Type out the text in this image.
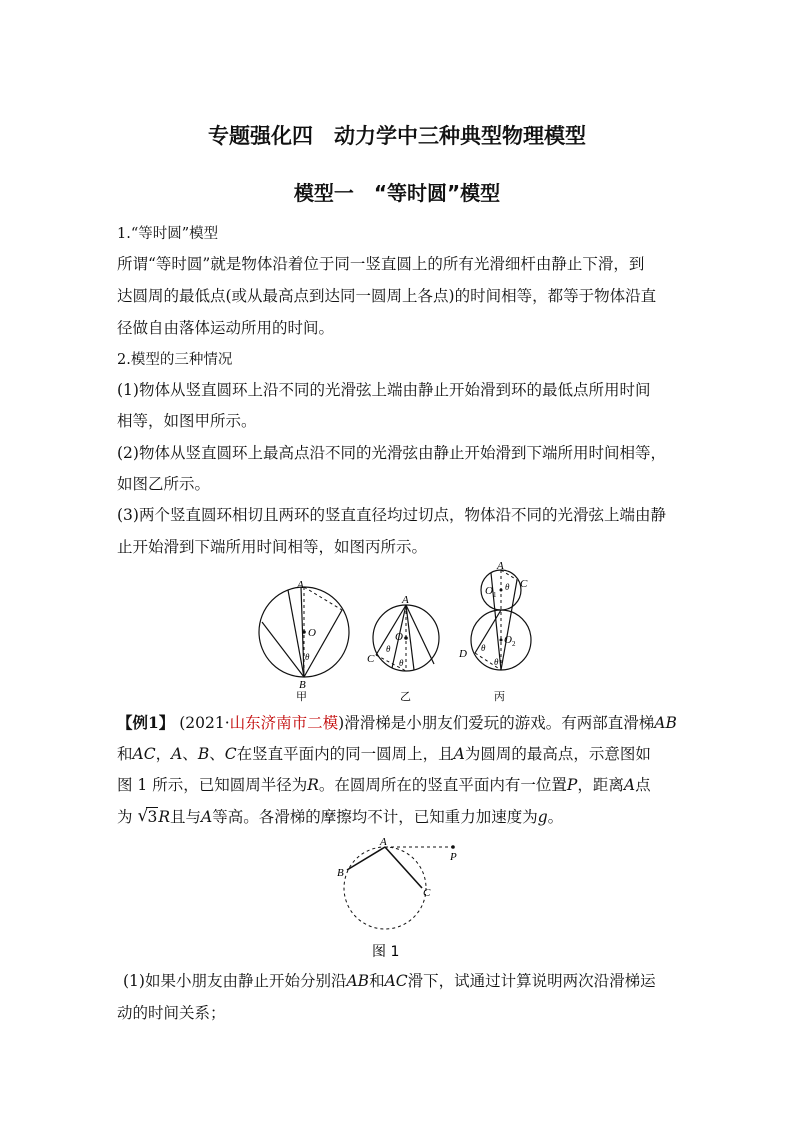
专题强化四　动力学中三种典型物理模型
模型一　“等时圆”模型
1.“等时圆”模型
所谓“等时圆”就是物体沿着位于同一竖直圆上的所有光滑细杆由静止下滑，到
达圆周的最低点(或从最高点到达同一圆周上各点)的时间相等，都等于物体沿直
径做自由落体运动所用的时间。
2.模型的三种情况
(1)物体从竖直圆环上沿不同的光滑弦上端由静止开始滑到环的最低点所用时间
相等，如图甲所示。
(2)物体从竖直圆环上最高点沿不同的光滑弦由静止开始滑到下端所用时间相等，
如图乙所示。
(3)两个竖直圆环相切且两环的竖直直径均过切点，物体沿不同的光滑弦上端由静
止开始滑到下端所用时间相等，如图丙所示。
A
O
θ
B
甲
A
O
θ
θ
C
乙
A
C
θ
$O_1$
$O_2$
θ
θ
D
丙
【例1】 (2021·山东济南市二模)滑滑梯是小朋友们爱玩的游戏。有两部直滑梯AB
和AC，A、B、C在竖直平面内的同一圆周上，且A为圆周的最高点，示意图如
图 1 所示，已知圆周半径为R。在圆周所在的竖直平面内有一位置P，距离A点
为 √ 3R且与A等高。各滑梯的摩擦均不计，已知重力加速度为g。
A
B
C
P
图 1
(1)如果小朋友由静止开始分别沿AB和AC滑下，试通过计算说明两次沿滑梯运
动的时间关系；
